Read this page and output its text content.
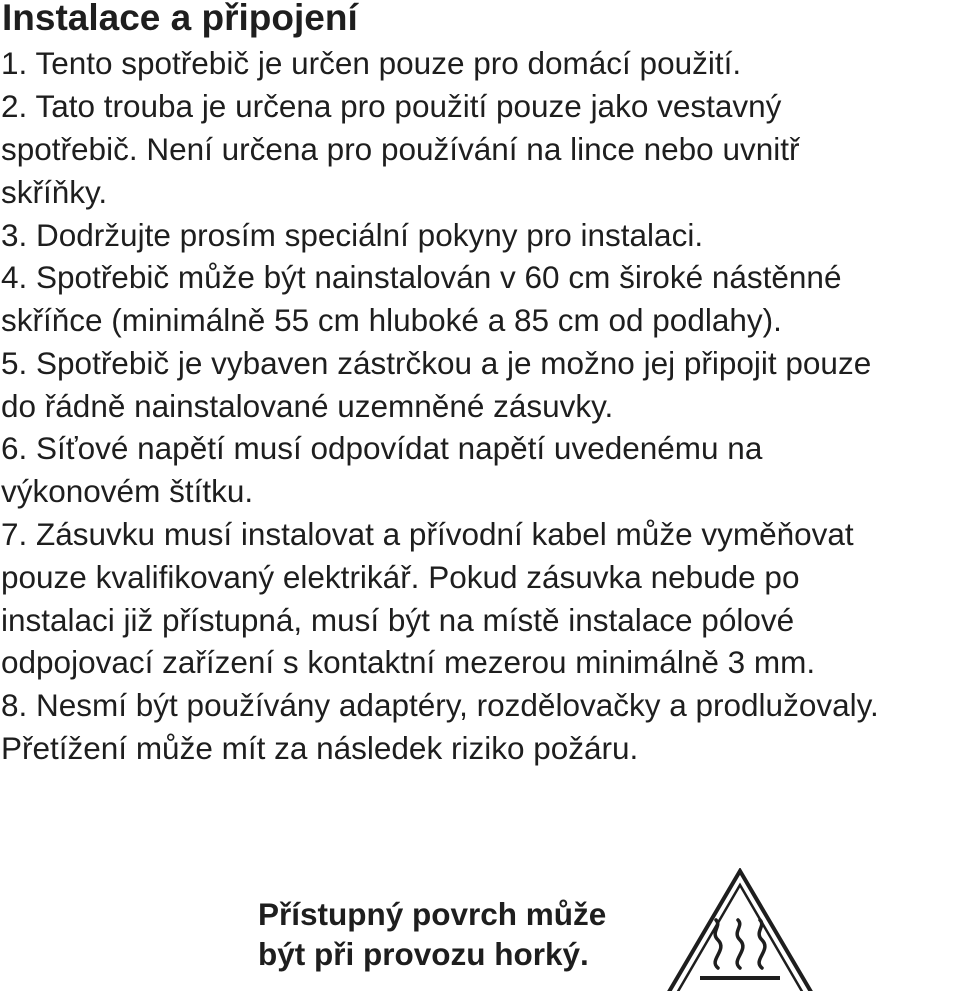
Instalace a připojení

1. Tento spotřebič je určen pouze pro domácí použití.

2. Tato trouba je určena pro použití pouze jako vestavný

spotřebič. Není určena pro používání na lince nebo uvnitř

skříňky.

3. Dodržujte prosím speciální pokyny pro instalaci.

4. Spotřebič může být nainstalován v 60 cm široké nástěnné

skříňce (minimálně 55 cm hluboké a 85 cm od podlahy).

5. Spotřebič je vybaven zástrčkou a je možno jej připojit pouze

do řádně nainstalované uzemněné zásuvky.

6. Síťové napětí musí odpovídat napětí uvedenému na

výkonovém štítku.

7. Zásuvku musí instalovat a přívodní kabel může vyměňovat

pouze kvalifikovaný elektrikář. Pokud zásuvka nebude po

instalaci již přístupná, musí být na místě instalace pólové

odpojovací zařízení s kontaktní mezerou minimálně 3 mm.

8. Nesmí být používány adaptéry, rozdělovačky a prodlužovaly.

Přetížení může mít za následek riziko požáru.

Přístupný povrch může

být při provozu horký.
